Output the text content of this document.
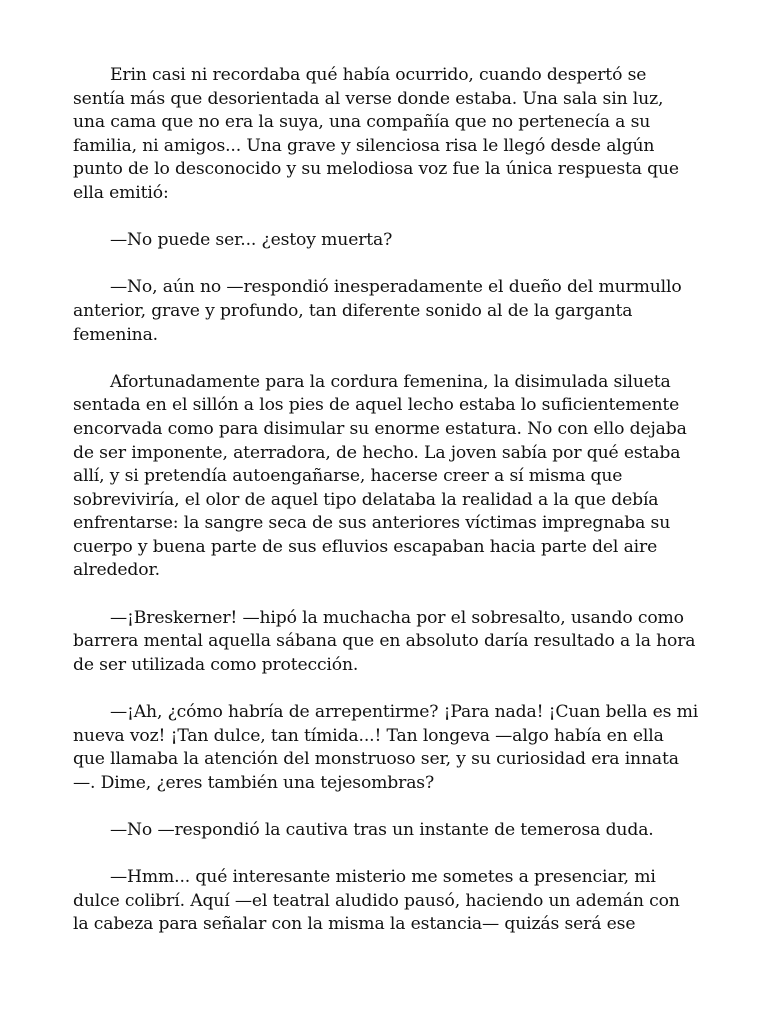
Erin casi ni recordaba qué había ocurrido, cuando despertó se sentía más que desorientada al verse donde estaba. Una sala sin luz, una cama que no era la suya, una compañía que no pertenecía a su familia, ni amigos... Una grave y silenciosa risa le llegó desde algún punto de lo desconocido y su melodiosa voz fue la única respuesta que ella emitió:

—No puede ser... ¿estoy muerta?

—No, aún no —respondió inesperadamente el dueño del murmullo anterior, grave y profundo, tan diferente sonido al de la garganta femenina.

Afortunadamente para la cordura femenina, la disimulada silueta sentada en el sillón a los pies de aquel lecho estaba lo suficientemente encorvada como para disimular su enorme estatura. No con ello dejaba de ser imponente, aterradora, de hecho. La joven sabía por qué estaba allí, y si pretendía autoengañarse, hacerse creer a sí misma que sobreviviría, el olor de aquel tipo delataba la realidad a la que debía enfrentarse: la sangre seca de sus anteriores víctimas impregnaba su cuerpo y buena parte de sus efluvios escapaban hacia parte del aire alrededor.

—¡Breskerner! —hipó la muchacha por el sobresalto, usando como barrera mental aquella sábana que en absoluto daría resultado a la hora de ser utilizada como protección.

—¡Ah, ¿cómo habría de arrepentirme? ¡Para nada! ¡Cuan bella es mi nueva voz! ¡Tan dulce, tan tímida...! Tan longeva —algo había en ella que llamaba la atención del monstruoso ser, y su curiosidad era innata—. Dime, ¿eres también una tejesombras?

—No —respondió la cautiva tras un instante de temerosa duda.

—Hmm... qué interesante misterio me sometes a presenciar, mi dulce colibrí. Aquí —el teatral aludido pausó, haciendo un ademán con la cabeza para señalar con la misma la estancia— quizás será ese
